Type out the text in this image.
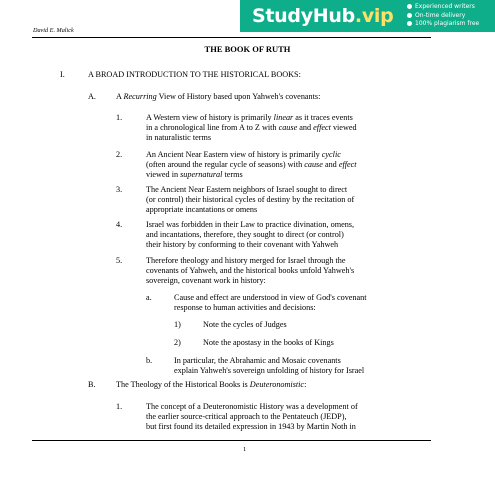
StudyHub.vip	Experienced writers
On-time delivery
100% plagiarism free
David E. Malick
THE BOOK OF RUTH
I.	A BROAD INTRODUCTION TO THE HISTORICAL BOOKS:
A. A Recurring View of History based upon Yahweh's covenants:
1.	A Western view of history is primarily linear as it traces events
in a chronological line from A to Z with cause and effect viewed
in naturalistic terms
2.	An Ancient Near Eastern view of history is primarily cyclic
(often around the regular cycle of seasons) with cause and effect
viewed in supernatural terms
3.	The Ancient Near Eastern neighbors of Israel sought to direct
(or control) their historical cycles of destiny by the recitation of
appropriate incantations or omens
4.	Israel was forbidden in their Law to practice divination, omens,
and incantations, therefore, they sought to direct (or control)
their history by conforming to their covenant with Yahweh
5.	Therefore theology and history merged for Israel through the
covenants of Yahweh, and the historical books unfold Yahweh's
sovereign, covenant work in history:
a.	Cause and effect are understood in view of God's covenant
response to human activities and decisions:
1)	Note the cycles of Judges
2)	Note the apostasy in the books of Kings
b.	In particular, the Abrahamic and Mosaic covenants
explain Yahweh's sovereign unfolding of history for Israel
B. The Theology of the Historical Books is Deuteronomistic:
1.	The concept of a Deuteronomistic History was a development of
the earlier source-critical approach to the Pentateuch (JEDP),
but first found its detailed expression in 1943 by Martin Noth in
1
